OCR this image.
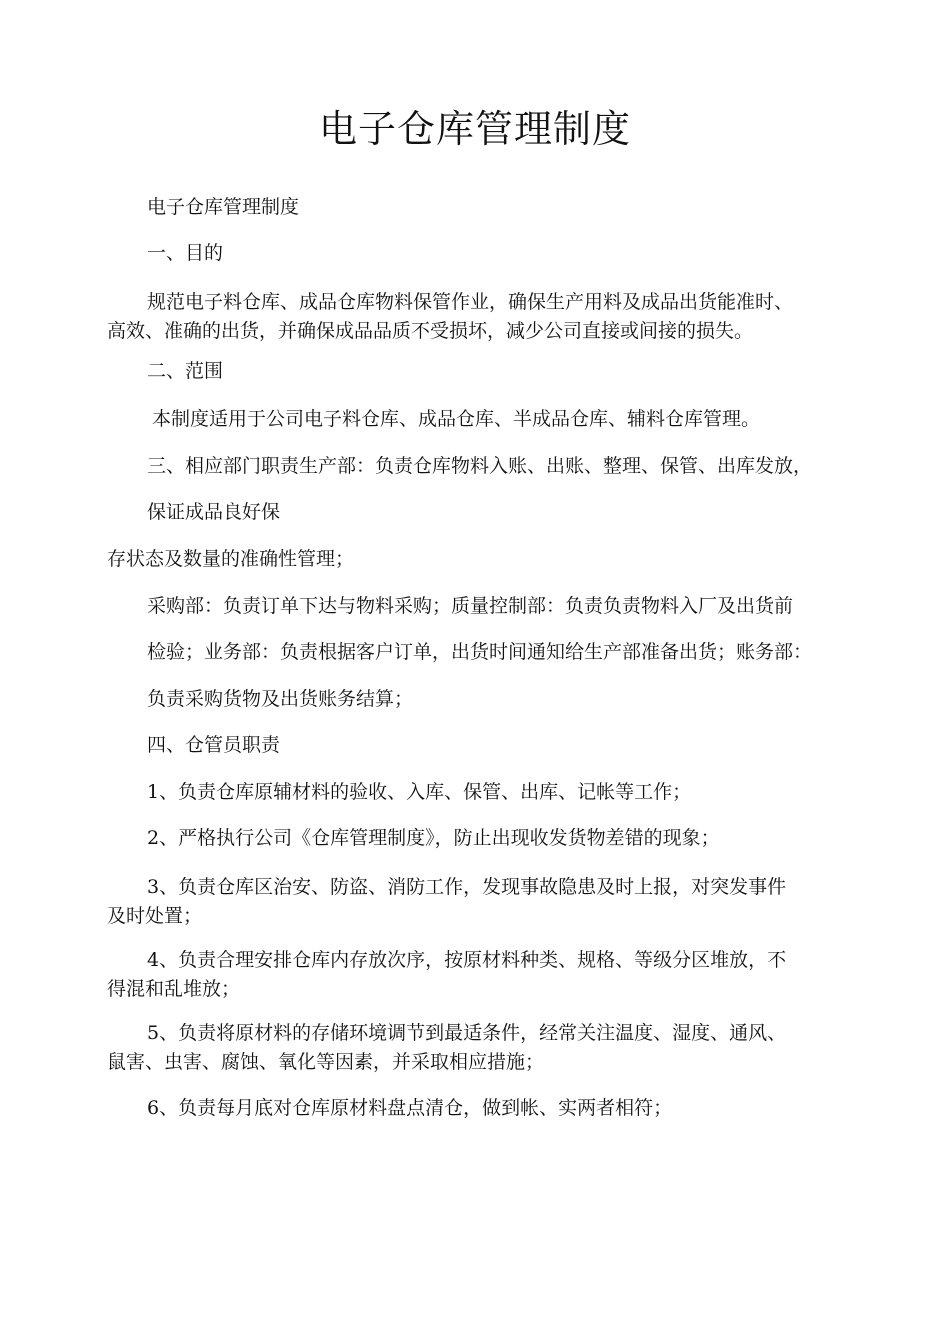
电子仓库管理制度

电子仓库管理制度

一、目的

规范电子料仓库、成品仓库物料保管作业，确保生产用料及成品出货能准时、

高效、准确的出货，并确保成品品质不受损坏，减少公司直接或间接的损失。

二、范围

本制度适用于公司电子料仓库、成品仓库、半成品仓库、辅料仓库管理。

三、相应部门职责生产部：负责仓库物料入账、出账、整理、保管、出库发放，

保证成品良好保

存状态及数量的准确性管理；

采购部：负责订单下达与物料采购；质量控制部：负责负责物料入厂及出货前

检验；业务部：负责根据客户订单，出货时间通知给生产部准备出货；账务部：

负责采购货物及出货账务结算；

四、仓管员职责

1、负责仓库原辅材料的验收、入库、保管、出库、记帐等工作；

2、严格执行公司《仓库管理制度》，防止出现收发货物差错的现象；

3、负责仓库区治安、防盗、消防工作，发现事故隐患及时上报，对突发事件

及时处置；

4、负责合理安排仓库内存放次序，按原材料种类、规格、等级分区堆放，不

得混和乱堆放；

5、负责将原材料的存储环境调节到最适条件，经常关注温度、湿度、通风、

鼠害、虫害、腐蚀、氧化等因素，并采取相应措施；

6、负责每月底对仓库原材料盘点清仓，做到帐、实两者相符；
